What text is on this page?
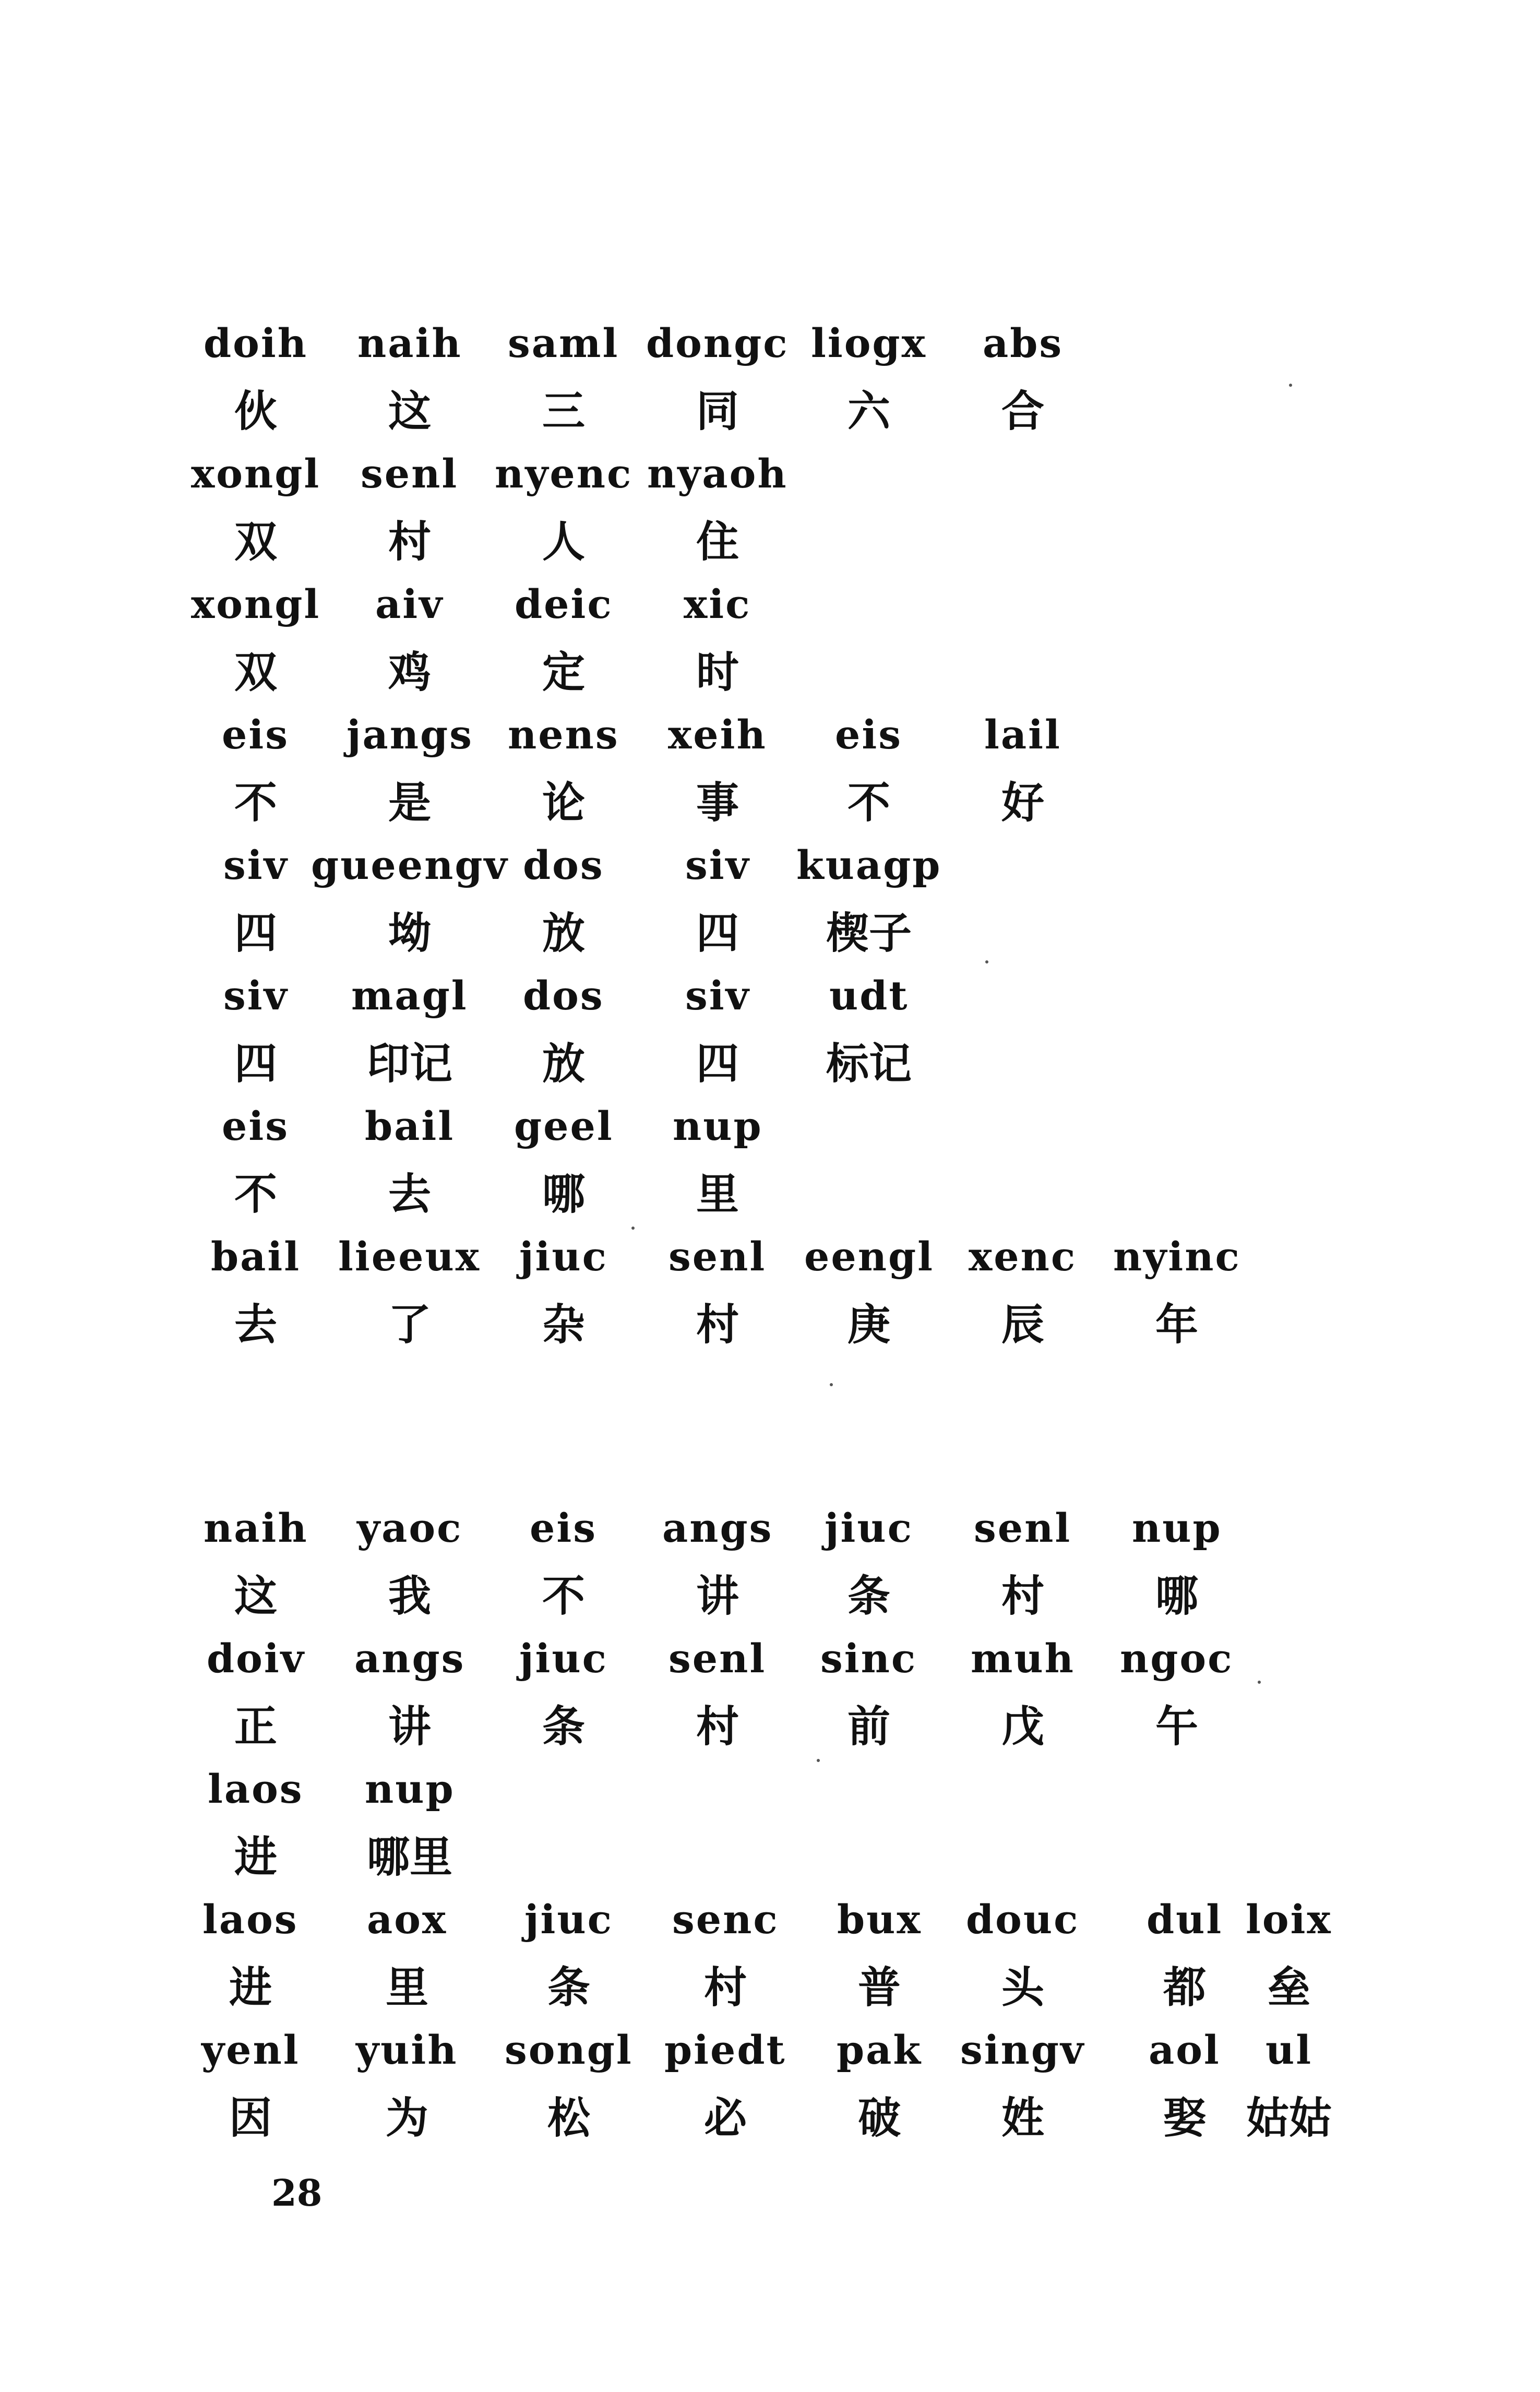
28
doih naih saml dongc liogx abs
伙	这	三	同	六	合
xongl senl nyenc nyaoh
双	村	人	住
xongl aiv deic xic
双	鸡	定	时
eis jangs nens xeih eis lail
不	是	论	事	不	好
siv gueengv dos siv kuagp
四	坳	放	四 楔子
siv magl dos siv udt
四 印记 放	四 标记
eis bail geel nup
不	去	哪	里
bail lieeux jiuc senl eengl xenc nyinc
去	了	杂	村	庚	辰	年
naih yaoc eis angs jiuc senl nup
这	我	不	讲	条	村	哪
doiv angs jiuc senl sinc muh ngoc
正	讲	条	村	前	戊	午
laos nup
进 哪里
laos aox jiuc senc bux douc dul loix
进	里	条	村	普 头	都 垒
yenl yuih songl piedt pak singv aol ul
因	为	松	必	破 姓	娶 姑姑
